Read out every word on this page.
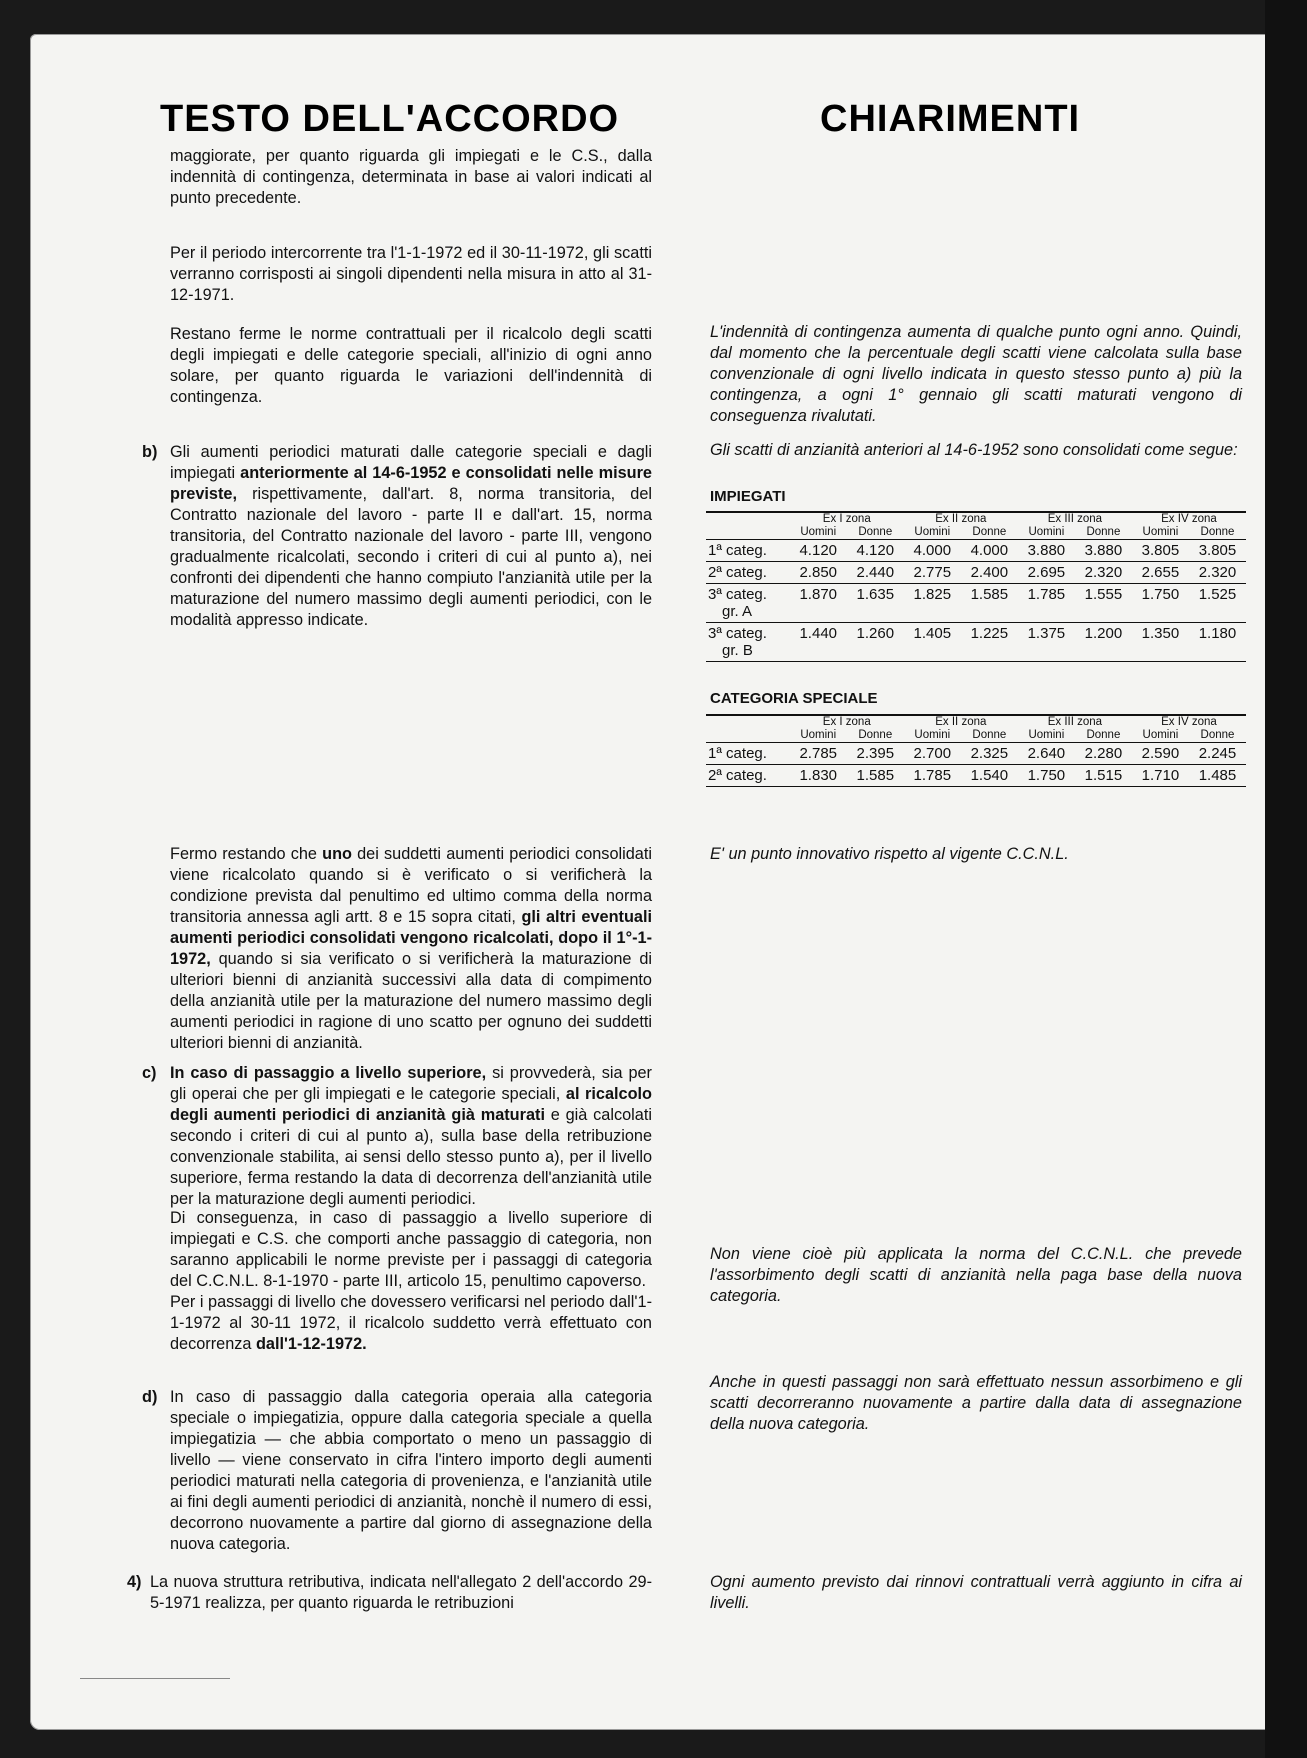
TESTO DELL'ACCORDO	CHIARIMENTI

maggiorate, per quanto riguarda gli impiegati e le C.S., dalla indennità di contingenza, determinata in base ai valori indicati al punto precedente.

Per il periodo intercorrente tra l'1-1-1972 ed il 30-11-1972, gli scatti verranno corrisposti ai singoli dipendenti nella misura in atto al 31-12-1971.

Restano ferme le norme contrattuali per il ricalcolo degli scatti degli impiegati e delle categorie speciali, all'inizio di ogni anno solare, per quanto riguarda le variazioni dell'indennità di contingenza.

b) Gli aumenti periodici maturati dalle categorie speciali e dagli impiegati anteriormente al 14-6-1952 e consolidati nelle misure previste, rispettivamente, dall'art. 8, norma transitoria, del Contratto nazionale del lavoro - parte II e dall'art. 15, norma transitoria, del Contratto nazionale del lavoro - parte III, vengono gradualmente ricalcolati, secondo i criteri di cui al punto a), nei confronti dei dipendenti che hanno compiuto l'anzianità utile per la maturazione del numero massimo degli aumenti periodici, con le modalità appresso indicate.

Fermo restando che uno dei suddetti aumenti periodici consolidati viene ricalcolato quando si è verificato o si verificherà la condizione prevista dal penultimo ed ultimo comma della norma transitoria annessa agli artt. 8 e 15 sopra citati, gli altri eventuali aumenti periodici consolidati vengono ricalcolati, dopo il 1°-1-1972, quando si sia verificato o si verificherà la maturazione di ulteriori bienni di anzianità successivi alla data di compimento della anzianità utile per la maturazione del numero massimo degli aumenti periodici in ragione di uno scatto per ognuno dei suddetti ulteriori bienni di anzianità.

c) In caso di passaggio a livello superiore, si provvederà, sia per gli operai che per gli impiegati e le categorie speciali, al ricalcolo degli aumenti periodici di anzianità già maturati e già calcolati secondo i criteri di cui al punto a), sulla base della retribuzione convenzionale stabilita, ai sensi dello stesso punto a), per il livello superiore, ferma restando la data di decorrenza dell'anzianità utile per la maturazione degli aumenti periodici.

Di conseguenza, in caso di passaggio a livello superiore di impiegati e C.S. che comporti anche passaggio di categoria, non saranno applicabili le norme previste per i passaggi di categoria del C.C.N.L. 8-1-1970 - parte III, articolo 15, penultimo capoverso.

Per i passaggi di livello che dovessero verificarsi nel periodo dall'1-1-1972 al 30-11 1972, il ricalcolo suddetto verrà effettuato con decorrenza dall'1-12-1972.

d) In caso di passaggio dalla categoria operaia alla categoria speciale o impiegatizia, oppure dalla categoria speciale a quella impiegatizia — che abbia comportato o meno un passaggio di livello — viene conservato in cifra l'intero importo degli aumenti periodici maturati nella categoria di provenienza, e l'anzianità utile ai fini degli aumenti periodici di anzianità, nonchè il numero di essi, decorrono nuovamente a partire dal giorno di assegnazione della nuova categoria.

4) La nuova struttura retributiva, indicata nell'allegato 2 dell'accordo 29-5-1971 realizza, per quanto riguarda le retribuzioni

L'indennità di contingenza aumenta di qualche punto ogni anno. Quindi, dal momento che la percentuale degli scatti viene calcolata sulla base convenzionale di ogni livello indicata in questo stesso punto a) più la contingenza, a ogni 1° gennaio gli scatti maturati vengono di conseguenza rivalutati.
Gli scatti di anzianità anteriori al 14-6-1952 sono consolidati come segue:
IMPIEGATI
	Ex I zona		Ex II zona		Ex III zona		Ex IV zona	
	Uomini	Donne	Uomini	Donne	Uomini	Donne	Uomini	Donne
1ª categ.	4.120	4.120	4.000	4.000	3.880	3.880	3.805	3.805
2ª categ.	2.850	2.440	2.775	2.400	2.695	2.320	2.655	2.320
3ª categ.
gr. A	1.870	1.635	1.825	1.585	1.785	1.555	1.750	1.525
3ª categ.
gr. B	1.440	1.260	1.405	1.225	1.375	1.200	1.350	1.180
CATEGORIA SPECIALE
	Ex I zona		Ex II zona		Ex III zona		Ex IV zona	
	Uomini	Donne	Uomini	Donne	Uomini	Donne	Uomini	Donne
1ª categ.	2.785	2.395	2.700	2.325	2.640	2.280	2.590	2.245
2ª categ.	1.830	1.585	1.785	1.540	1.750	1.515	1.710	1.485
E' un punto innovativo rispetto al vigente C.C.N.L.
Non viene cioè più applicata la norma del C.C.N.L. che prevede l'assorbimento degli scatti di anzianità nella paga base della nuova categoria.
Anche in questi passaggi non sarà effettuato nessun assorbimeno e gli scatti decorreranno nuovamente a partire dalla data di assegnazione della nuova categoria.
Ogni aumento previsto dai rinnovi contrattuali verrà aggiunto in cifra ai livelli.
